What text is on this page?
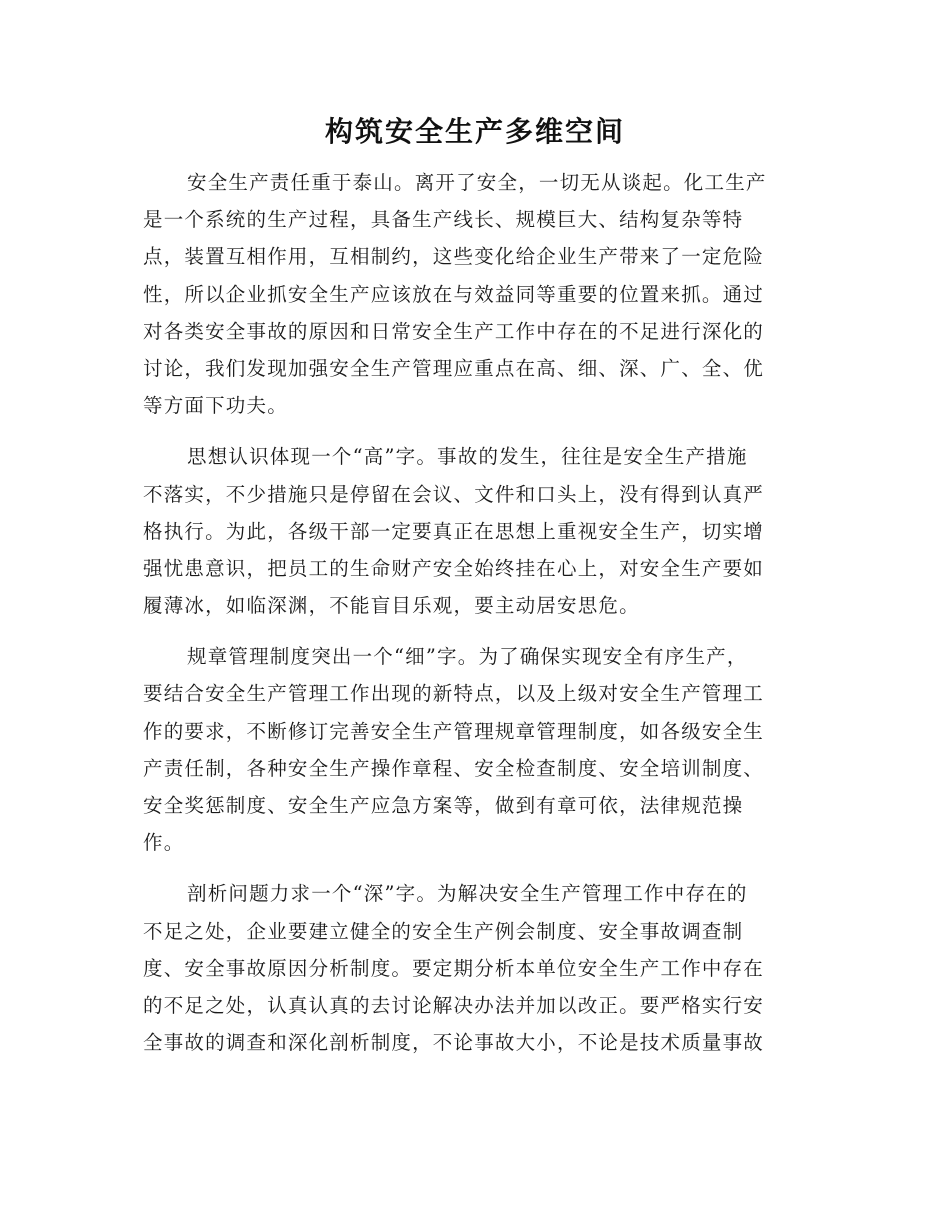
构筑安全生产多维空间
安全生产责任重于泰山。离开了安全，一切无从谈起。化工生产
是一个系统的生产过程，具备生产线长、规模巨大、结构复杂等特
点，装置互相作用，互相制约，这些变化给企业生产带来了一定危险
性，所以企业抓安全生产应该放在与效益同等重要的位置来抓。通过
对各类安全事故的原因和日常安全生产工作中存在的不足进行深化的
讨论，我们发现加强安全生产管理应重点在高、细、深、广、全、优
等方面下功夫。
思想认识体现一个“高”字。事故的发生，往往是安全生产措施
不落实，不少措施只是停留在会议、文件和口头上，没有得到认真严
格执行。为此，各级干部一定要真正在思想上重视安全生产，切实增
强忧患意识，把员工的生命财产安全始终挂在心上，对安全生产要如
履薄冰，如临深渊，不能盲目乐观，要主动居安思危。
规章管理制度突出一个“细”字。为了确保实现安全有序生产，
要结合安全生产管理工作出现的新特点，以及上级对安全生产管理工
作的要求，不断修订完善安全生产管理规章管理制度，如各级安全生
产责任制，各种安全生产操作章程、安全检查制度、安全培训制度、
安全奖惩制度、安全生产应急方案等，做到有章可依，法律规范操
作。
剖析问题力求一个“深”字。为解决安全生产管理工作中存在的
不足之处，企业要建立健全的安全生产例会制度、安全事故调查制
度、安全事故原因分析制度。要定期分析本单位安全生产工作中存在
的不足之处，认真认真的去讨论解决办法并加以改正。要严格实行安
全事故的调查和深化剖析制度，不论事故大小，不论是技术质量事故
